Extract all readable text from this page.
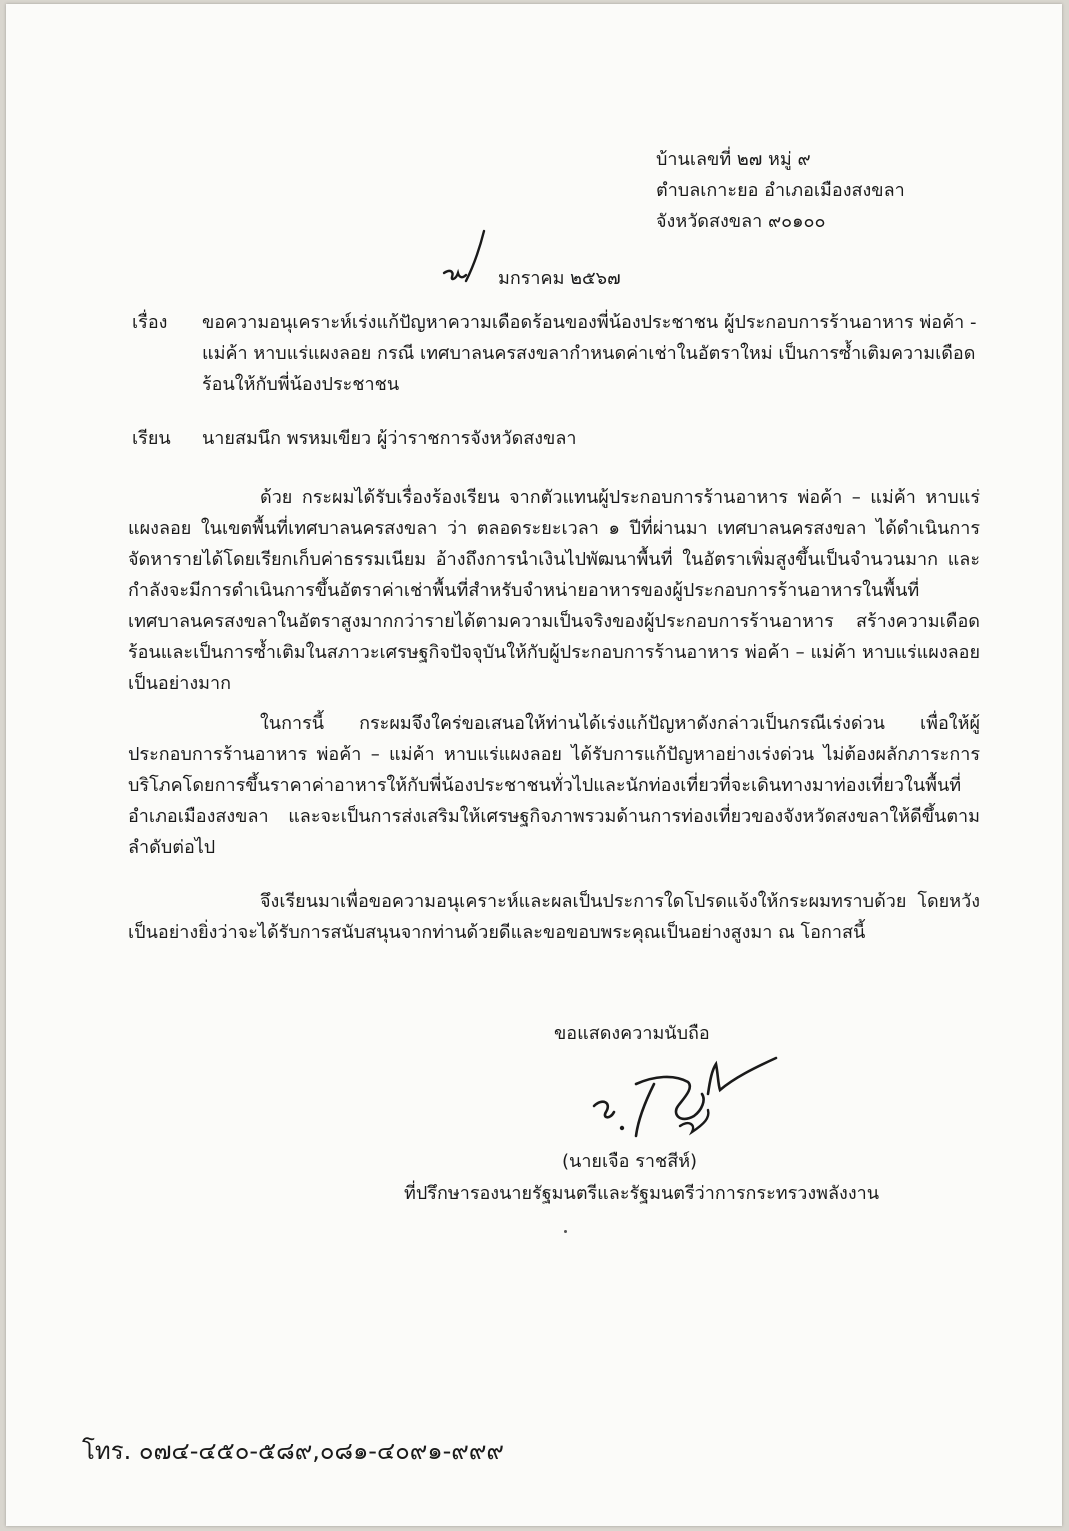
บ้านเลขที่ ๒๗ หมู่ ๙
ตำบลเกาะยอ อำเภอเมืองสงขลา
จังหวัดสงขลา ๙๐๑๐๐
มกราคม ๒๕๖๗
เรื่อง ขอความอนุเคราะห์เร่งแก้ปัญหาความเดือดร้อนของพี่น้องประชาชน ผู้ประกอบการร้านอาหาร พ่อค้า - แม่ค้า หาบแร่แผงลอย กรณี เทศบาลนครสงขลากำหนดค่าเช่าในอัตราใหม่ เป็นการซ้ำเติมความเดือดร้อนให้กับพี่น้องประชาชน
เรียน นายสมนึก พรหมเขียว ผู้ว่าราชการจังหวัดสงขลา
ด้วย กระผมได้รับเรื่องร้องเรียน จากตัวแทนผู้ประกอบการร้านอาหาร พ่อค้า – แม่ค้า หาบแร่แผงลอย ในเขตพื้นที่เทศบาลนครสงขลา ว่า ตลอดระยะเวลา ๑ ปีที่ผ่านมา เทศบาลนครสงขลา ได้ดำเนินการจัดหารายได้โดยเรียกเก็บค่าธรรมเนียม อ้างถึงการนำเงินไปพัฒนาพื้นที่ ในอัตราเพิ่มสูงขึ้นเป็นจำนวนมาก และกำลังจะมีการดำเนินการขึ้นอัตราค่าเช่าพื้นที่สำหรับจำหน่ายอาหารของผู้ประกอบการร้านอาหารในพื้นที่เทศบาลนครสงขลาในอัตราสูงมากกว่ารายได้ตามความเป็นจริงของผู้ประกอบการร้านอาหาร สร้างความเดือดร้อนและเป็นการซ้ำเติมในสภาวะเศรษฐกิจปัจจุบันให้กับผู้ประกอบการร้านอาหาร พ่อค้า – แม่ค้า หาบแร่แผงลอย เป็นอย่างมาก
ในการนี้ กระผมจึงใคร่ขอเสนอให้ท่านได้เร่งแก้ปัญหาดังกล่าวเป็นกรณีเร่งด่วน เพื่อให้ผู้ประกอบการร้านอาหาร พ่อค้า – แม่ค้า หาบแร่แผงลอย ได้รับการแก้ปัญหาอย่างเร่งด่วน ไม่ต้องผลักภาระการบริโภคโดยการขึ้นราคาค่าอาหารให้กับพี่น้องประชาชนทั่วไปและนักท่องเที่ยวที่จะเดินทางมาท่องเที่ยวในพื้นที่อำเภอเมืองสงขลา และจะเป็นการส่งเสริมให้เศรษฐกิจภาพรวมด้านการท่องเที่ยวของจังหวัดสงขลาให้ดีขึ้นตามลำดับต่อไป
จึงเรียนมาเพื่อขอความอนุเคราะห์และผลเป็นประการใดโปรดแจ้งให้กระผมทราบด้วย โดยหวังเป็นอย่างยิ่งว่าจะได้รับการสนับสนุนจากท่านด้วยดีและขอขอบพระคุณเป็นอย่างสูงมา ณ โอกาสนี้
ขอแสดงความนับถือ
(นายเจือ ราชสีห์)
ที่ปรึกษารองนายรัฐมนตรีและรัฐมนตรีว่าการกระทรวงพลังงาน
โทร. ๐๗๔-๔๕๐-๕๘๙,๐๘๑-๔๐๙๑-๙๙๙
